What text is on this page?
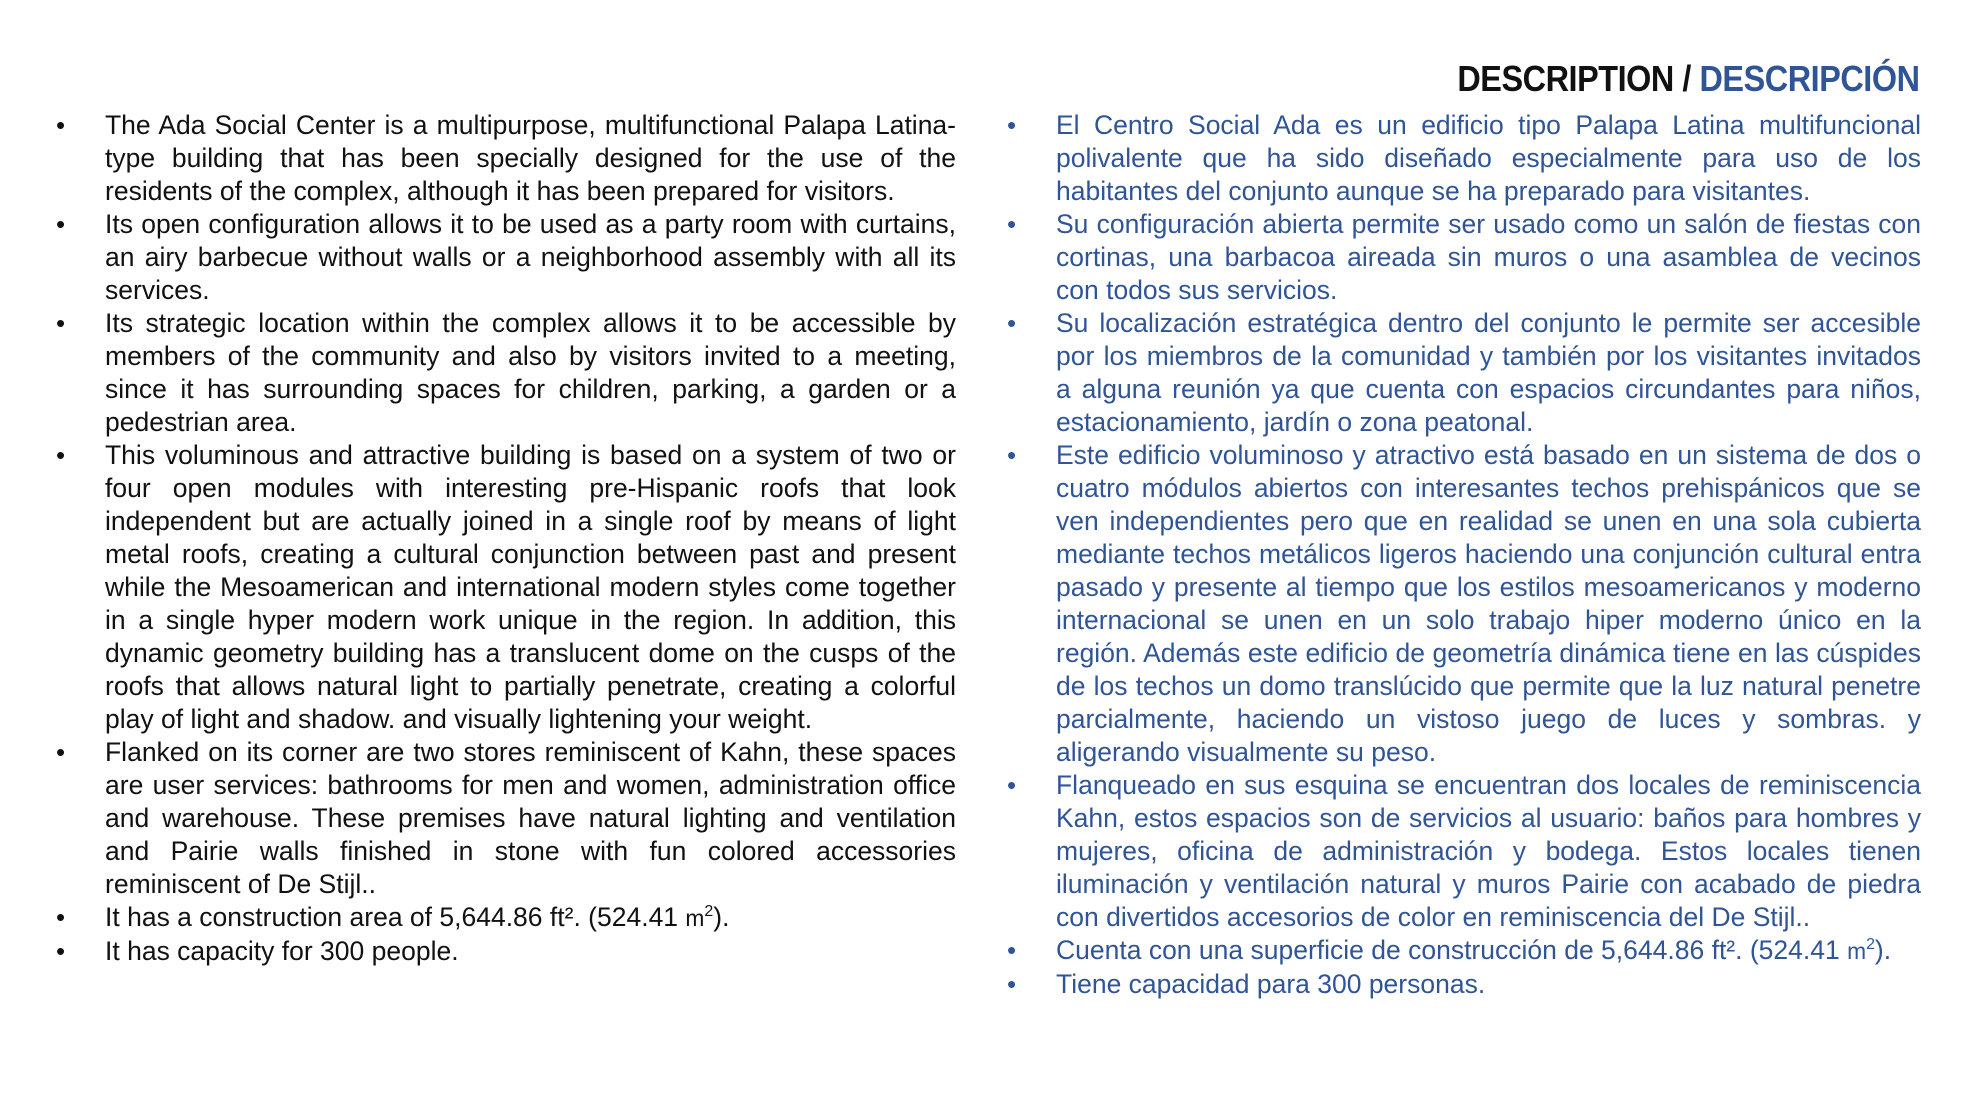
DESCRIPTION / DESCRIPCIÓN
• The Ada Social Center is a multipurpose, multifunctional Palapa Latina-type building that has been specially designed for the use of the residents of the complex, although it has been prepared for visitors.
• Its open configuration allows it to be used as a party room with curtains, an airy barbecue without walls or a neighborhood assembly with all its services.
• Its strategic location within the complex allows it to be accessible by members of the community and also by visitors invited to a meeting, since it has surrounding spaces for children, parking, a garden or a pedestrian area.
• This voluminous and attractive building is based on a system of two or four open modules with interesting pre-Hispanic roofs that look independent but are actually joined in a single roof by means of light metal roofs, creating a cultural conjunction between past and present while the Mesoamerican and international modern styles come together in a single hyper modern work unique in the region. In addition, this dynamic geometry building has a translucent dome on the cusps of the roofs that allows natural light to partially penetrate, creating a colorful play of light and shadow. and visually lightening your weight.
• Flanked on its corner are two stores reminiscent of Kahn, these spaces are user services: bathrooms for men and women, administration office and warehouse. These premises have natural lighting and ventilation and Pairie walls finished in stone with fun colored accessories reminiscent of De Stijl..
• It has a construction area of 5,644.86 ft². (524.41 $m^2$).
• It has capacity for 300 people.
• El Centro Social Ada es un edificio tipo Palapa Latina multifuncional polivalente que ha sido diseñado especialmente para uso de los habitantes del conjunto aunque se ha preparado para visitantes.
• Su configuración abierta permite ser usado como un salón de fiestas con cortinas, una barbacoa aireada sin muros o una asamblea de vecinos con todos sus servicios.
• Su localización estratégica dentro del conjunto le permite ser accesible por los miembros de la comunidad y también por los visitantes invitados a alguna reunión ya que cuenta con espacios circundantes para niños, estacionamiento, jardín o zona peatonal.
• Este edificio voluminoso y atractivo está basado en un sistema de dos o cuatro módulos abiertos con interesantes techos prehispánicos que se ven independientes pero que en realidad se unen en una sola cubierta mediante techos metálicos ligeros haciendo una conjunción cultural entra pasado y presente al tiempo que los estilos mesoamericanos y moderno internacional se unen en un solo trabajo hiper moderno único en la región. Además este edificio de geometría dinámica tiene en las cúspides de los techos un domo translúcido que permite que la luz natural penetre parcialmente, haciendo un vistoso juego de luces y sombras. y aligerando visualmente su peso.
• Flanqueado en sus esquina se encuentran dos locales de reminiscencia Kahn, estos espacios son de servicios al usuario: baños para hombres y mujeres, oficina de administración y bodega. Estos locales tienen iluminación y ventilación natural y muros Pairie con acabado de piedra con divertidos accesorios de color en reminiscencia del De Stijl..
• Cuenta con una superficie de construcción de 5,644.86 ft². (524.41 $m^2$).
• Tiene capacidad para 300 personas.
